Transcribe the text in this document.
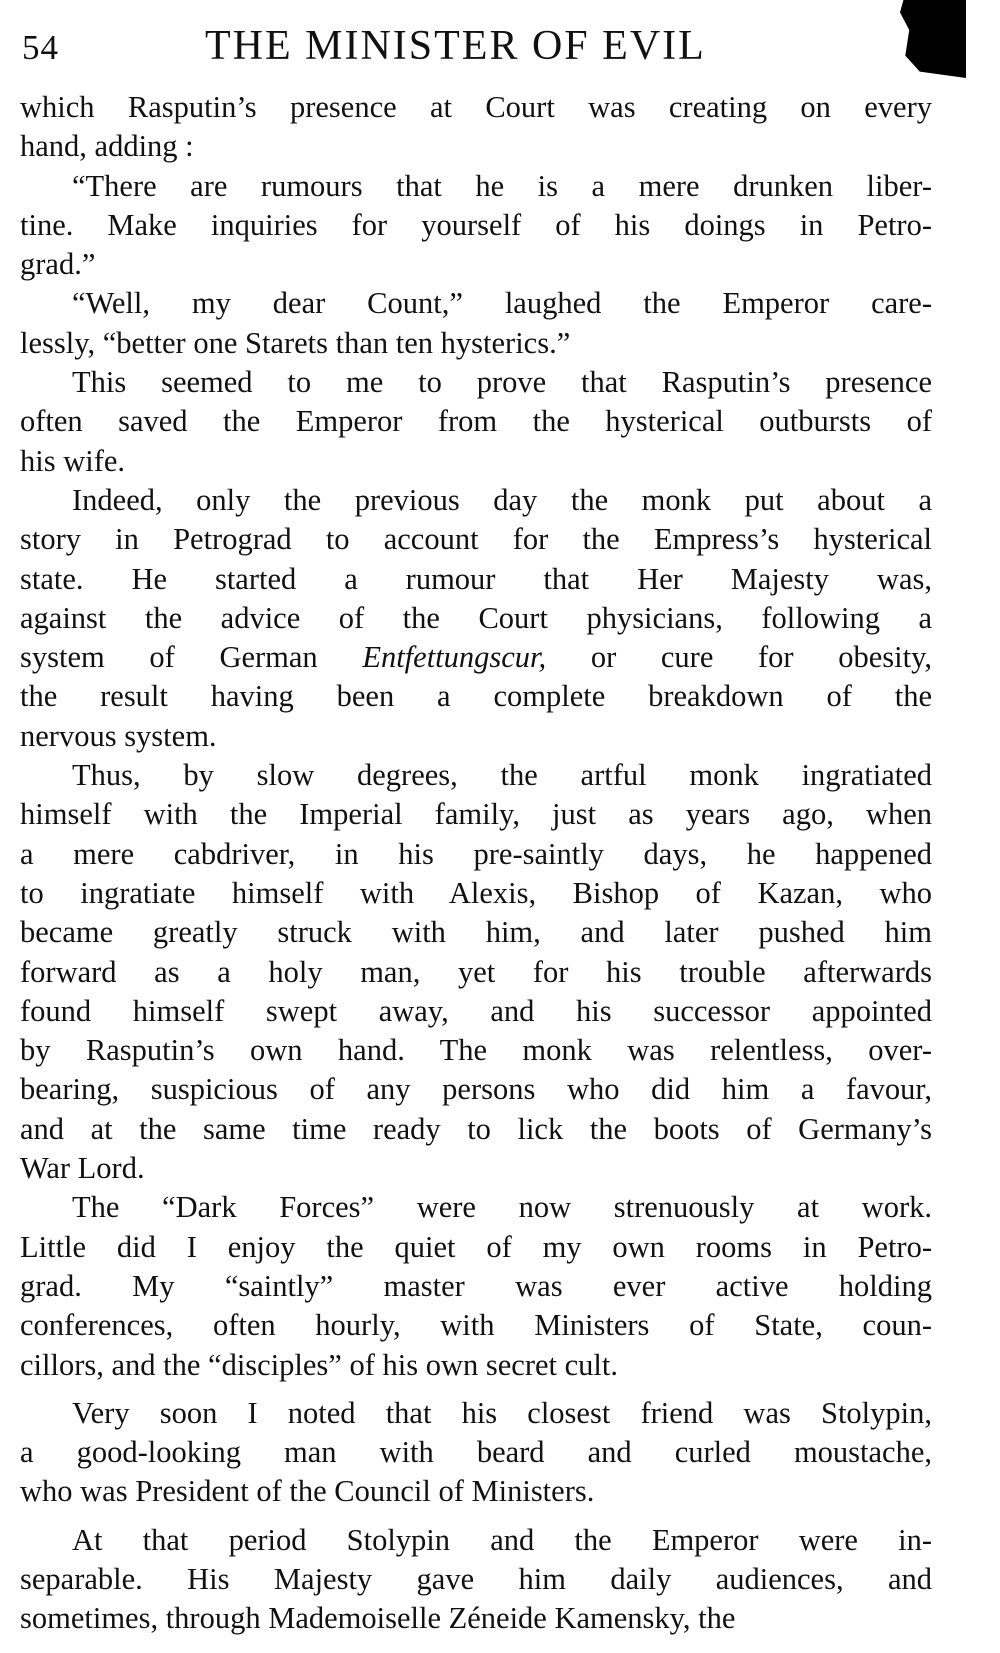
54	THE MINISTER OF EVIL

which Rasputin’s presence at Court was creating on every
hand, adding :

“There are rumours that he is a mere drunken liber-
tine. Make inquiries for yourself of his doings in Petro-
grad.”

“Well, my dear Count,” laughed the Emperor care-
lessly, “better one Starets than ten hysterics.”

This seemed to me to prove that Rasputin’s presence
often saved the Emperor from the hysterical outbursts of
his wife.

Indeed, only the previous day the monk put about a
story in Petrograd to account for the Empress’s hysterical
state. He started a rumour that Her Majesty was,
against the advice of the Court physicians, following a
system of German Entfettungscur, or cure for obesity,
the result having been a complete breakdown of the
nervous system.

Thus, by slow degrees, the artful monk ingratiated
himself with the Imperial family, just as years ago, when
a mere cabdriver, in his pre-saintly days, he happened
to ingratiate himself with Alexis, Bishop of Kazan, who
became greatly struck with him, and later pushed him
forward as a holy man, yet for his trouble afterwards
found himself swept away, and his successor appointed
by Rasputin’s own hand. The monk was relentless, over-
bearing, suspicious of any persons who did him a favour,
and at the same time ready to lick the boots of Germany’s
War Lord.

The “Dark Forces” were now strenuously at work.
Little did I enjoy the quiet of my own rooms in Petro-
grad. My “saintly” master was ever active holding
conferences, often hourly, with Ministers of State, coun-
cillors, and the “disciples” of his own secret cult.

Very soon I noted that his closest friend was Stolypin,
a good-looking man with beard and curled moustache,
who was President of the Council of Ministers.

At that period Stolypin and the Emperor were in-
separable. His Majesty gave him daily audiences, and
sometimes, through Mademoiselle Zéneide Kamensky, the
